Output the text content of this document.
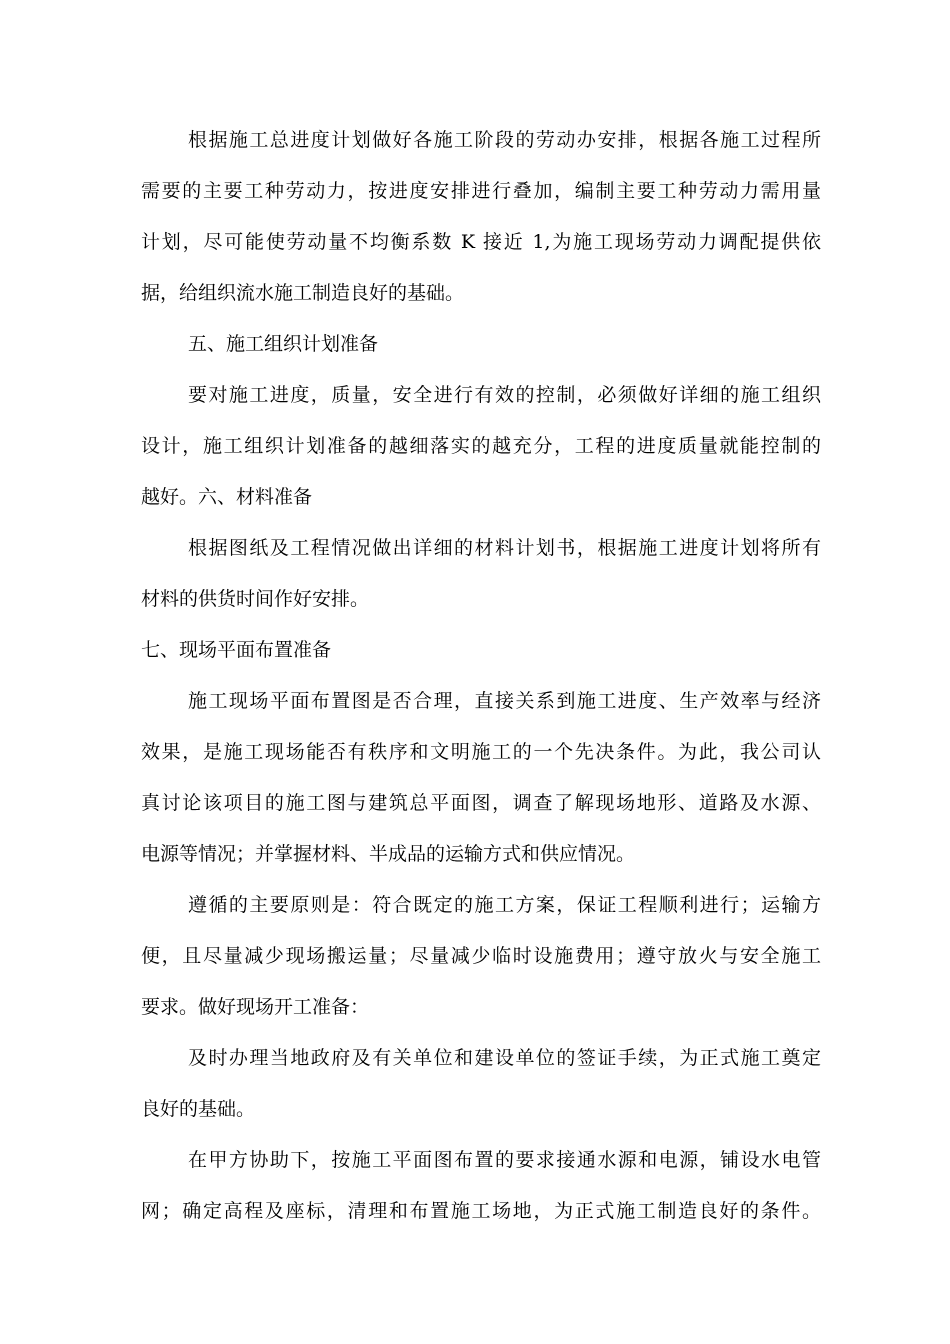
根据施工总进度计划做好各施工阶段的劳动办安排，根据各施工过程所
需要的主要工种劳动力，按进度安排进行叠加，编制主要工种劳动力需用量
计划，尽可能使劳动量不均衡系数 K 接近 1,为施工现场劳动力调配提供依
据，给组织流水施工制造良好的基础。
五、施工组织计划准备
要对施工进度，质量，安全进行有效的控制，必须做好详细的施工组织
设计，施工组织计划准备的越细落实的越充分，工程的进度质量就能控制的
越好。六、材料准备
根据图纸及工程情况做出详细的材料计划书，根据施工进度计划将所有
材料的供货时间作好安排。
七、现场平面布置准备
施工现场平面布置图是否合理，直接关系到施工进度、生产效率与经济
效果，是施工现场能否有秩序和文明施工的一个先决条件。为此，我公司认
真讨论该项目的施工图与建筑总平面图，调查了解现场地形、道路及水源、
电源等情况；并掌握材料、半成品的运输方式和供应情况。
遵循的主要原则是：符合既定的施工方案，保证工程顺利进行；运输方
便，且尽量减少现场搬运量；尽量减少临时设施费用；遵守放火与安全施工
要求。做好现场开工准备：
及时办理当地政府及有关单位和建设单位的签证手续，为正式施工奠定
良好的基础。
在甲方协助下，按施工平面图布置的要求接通水源和电源，铺设水电管
网；确定高程及座标，清理和布置施工场地，为正式施工制造良好的条件。
